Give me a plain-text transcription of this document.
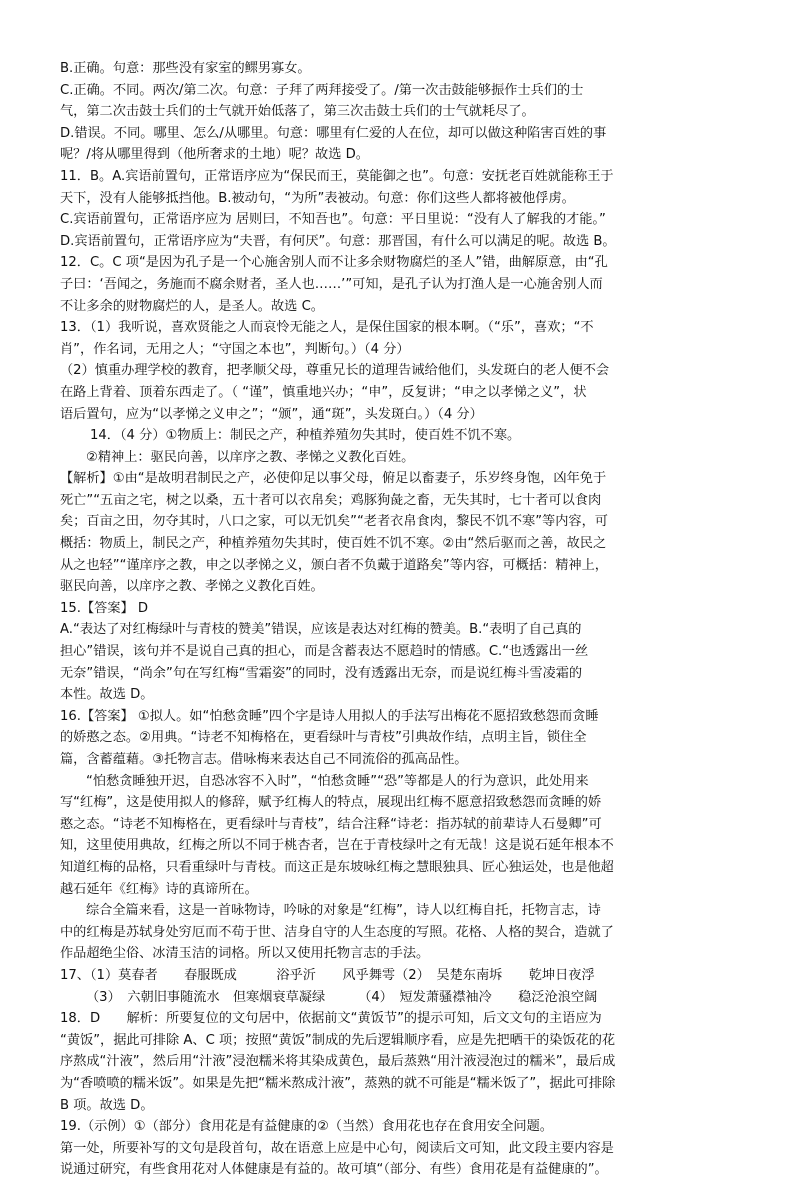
B.正确。句意：那些没有家室的鳏男寡女。
C.正确。不同。两次/第二次。句意：子拜了两拜接受了。/第一次击鼓能够振作士兵们的士
气，第二次击鼓士兵们的士气就开始低落了，第三次击鼓士兵们的士气就耗尽了。
D.错误。不同。哪里、怎么/从哪里。句意：哪里有仁爱的人在位，却可以做这种陷害百姓的事
呢？/将从哪里得到（他所奢求的土地）呢？故选 D。
11．B。A.宾语前置句，正常语序应为“保民而王，莫能御之也”。句意：安抚老百姓就能称王于
天下，没有人能够抵挡他。B.被动句，“为所”表被动。句意：你们这些人都将被他俘虏。
C.宾语前置句，正常语序应为 居则曰，不知吾也”。句意：平日里说：“没有人了解我的才能。”
D.宾语前置句，正常语序应为“夫晋，有何厌”。句意：那晋国，有什么可以满足的呢。故选 B。
12．C。C 项“是因为孔子是一个心施舍别人而不让多余财物腐烂的圣人”错，曲解原意，由“孔
子曰：‘吾闻之，务施而不腐余财者，圣人也……’”可知，是孔子认为打渔人是一心施舍别人而
不让多余的财物腐烂的人，是圣人。故选 C。
13．（1）我听说，喜欢贤能之人而哀怜无能之人，是保住国家的根本啊。（“乐”，喜欢；“不
肖”，作名词，无用之人；“守国之本也”，判断句。）（4 分）
（2）慎重办理学校的教育，把孝顺父母，尊重兄长的道理告诫给他们，头发斑白的老人便不会
在路上背着、顶着东西走了。（ “谨”，慎重地兴办；“申”，反复讲；“申之以孝悌之义”，状
语后置句，应为“以孝悌之义申之”；“颁”，通“斑”，头发斑白。）（4 分）
14．（4 分）①物质上：制民之产，种植养殖勿失其时，使百姓不饥不寒。
②精神上：驱民向善，以庠序之教、孝悌之义教化百姓。
【解析】①由“是故明君制民之产，必使仰足以事父母，俯足以畜妻子，乐岁终身饱，凶年免于
死亡”“五亩之宅，树之以桑，五十者可以衣帛矣；鸡豚狗彘之畜，无失其时，七十者可以食肉
矣；百亩之田，勿夺其时，八口之家，可以无饥矣”“老者衣帛食肉，黎民不饥不寒”等内容，可
概括：物质上，制民之产，种植养殖勿失其时，使百姓不饥不寒。②由“然后驱而之善，故民之
从之也轻”“谨庠序之教，申之以孝悌之义，颁白者不负戴于道路矣”等内容，可概括：精神上，
驱民向善，以庠序之教、孝悌之义教化百姓。
15.【答案】 D
A.“表达了对红梅绿叶与青枝的赞美”错误，应该是表达对红梅的赞美。B.“表明了自己真的
担心”错误，该句并不是说自己真的担心，而是含蓄表达不愿趋时的情感。C.“也透露出一丝
无奈”错误，“尚余”句在写红梅“雪霜姿”的同时，没有透露出无奈，而是说红梅斗雪凌霜的
本性。故选 D。
16.【答案】 ①拟人。如“怕愁贪睡”四个字是诗人用拟人的手法写出梅花不愿招致愁怨而贪睡
的娇憨之态。②用典。“诗老不知梅格在，更看绿叶与青枝”引典故作结，点明主旨，锁住全
篇，含蓄蕴藉。③托物言志。借咏梅来表达自己不同流俗的孤高品性。
“怕愁贪睡独开迟，自恐冰容不入时”，“怕愁贪睡”“恐”等都是人的行为意识，此处用来
写“红梅”，这是使用拟人的修辞，赋予红梅人的特点，展现出红梅不愿意招致愁怨而贪睡的娇
憨之态。“诗老不知梅格在，更看绿叶与青枝”，结合注释“诗老：指苏轼的前辈诗人石曼卿”可
知，这里使用典故，红梅之所以不同于桃杏者，岂在于青枝绿叶之有无哉！这是说石延年根本不
知道红梅的品格，只看重绿叶与青枝。而这正是东坡咏红梅之慧眼独具、匠心独运处，也是他超
越石延年《红梅》诗的真谛所在。
综合全篇来看，这是一首咏物诗，吟咏的对象是“红梅”，诗人以红梅自托，托物言志，诗
中的红梅是苏轼身处穷厄而不苟于世、洁身自守的人生态度的写照。花格、人格的契合，造就了
作品超绝尘俗、冰清玉洁的词格。所以又使用托物言志的手法。
17、（1）莫春者　　春服既成　　　浴乎沂　　风乎舞雩（2）　吴楚东南坼　　乾坤日夜浮
（3）　六朝旧事随流水　但寒烟衰草凝绿　　　（4）　短发萧骚襟袖冷　　稳泛沧浪空阔
18．D　　解析：所要复位的文句居中，依据前文“黄饭节”的提示可知，后文文句的主语应为
“黄饭”，据此可排除 A、C 项；按照“黄饭”制成的先后逻辑顺序看，应是先把晒干的染饭花的花
序熬成“汁液”，然后用“汁液”浸泡糯米将其染成黄色，最后蒸熟“用汁液浸泡过的糯米”，最后成
为“香喷喷的糯米饭”。如果是先把“糯米熬成汁液”，蒸熟的就不可能是“糯米饭了”，据此可排除
B 项。故选 D。
19.（示例）①（部分）食用花是有益健康的②（当然）食用花也存在食用安全问题。
第一处，所要补写的文句是段首句，故在语意上应是中心句，阅读后文可知，此文段主要内容是
说通过研究，有些食用花对人体健康是有益的。故可填“（部分、有些）食用花是有益健康的”。
